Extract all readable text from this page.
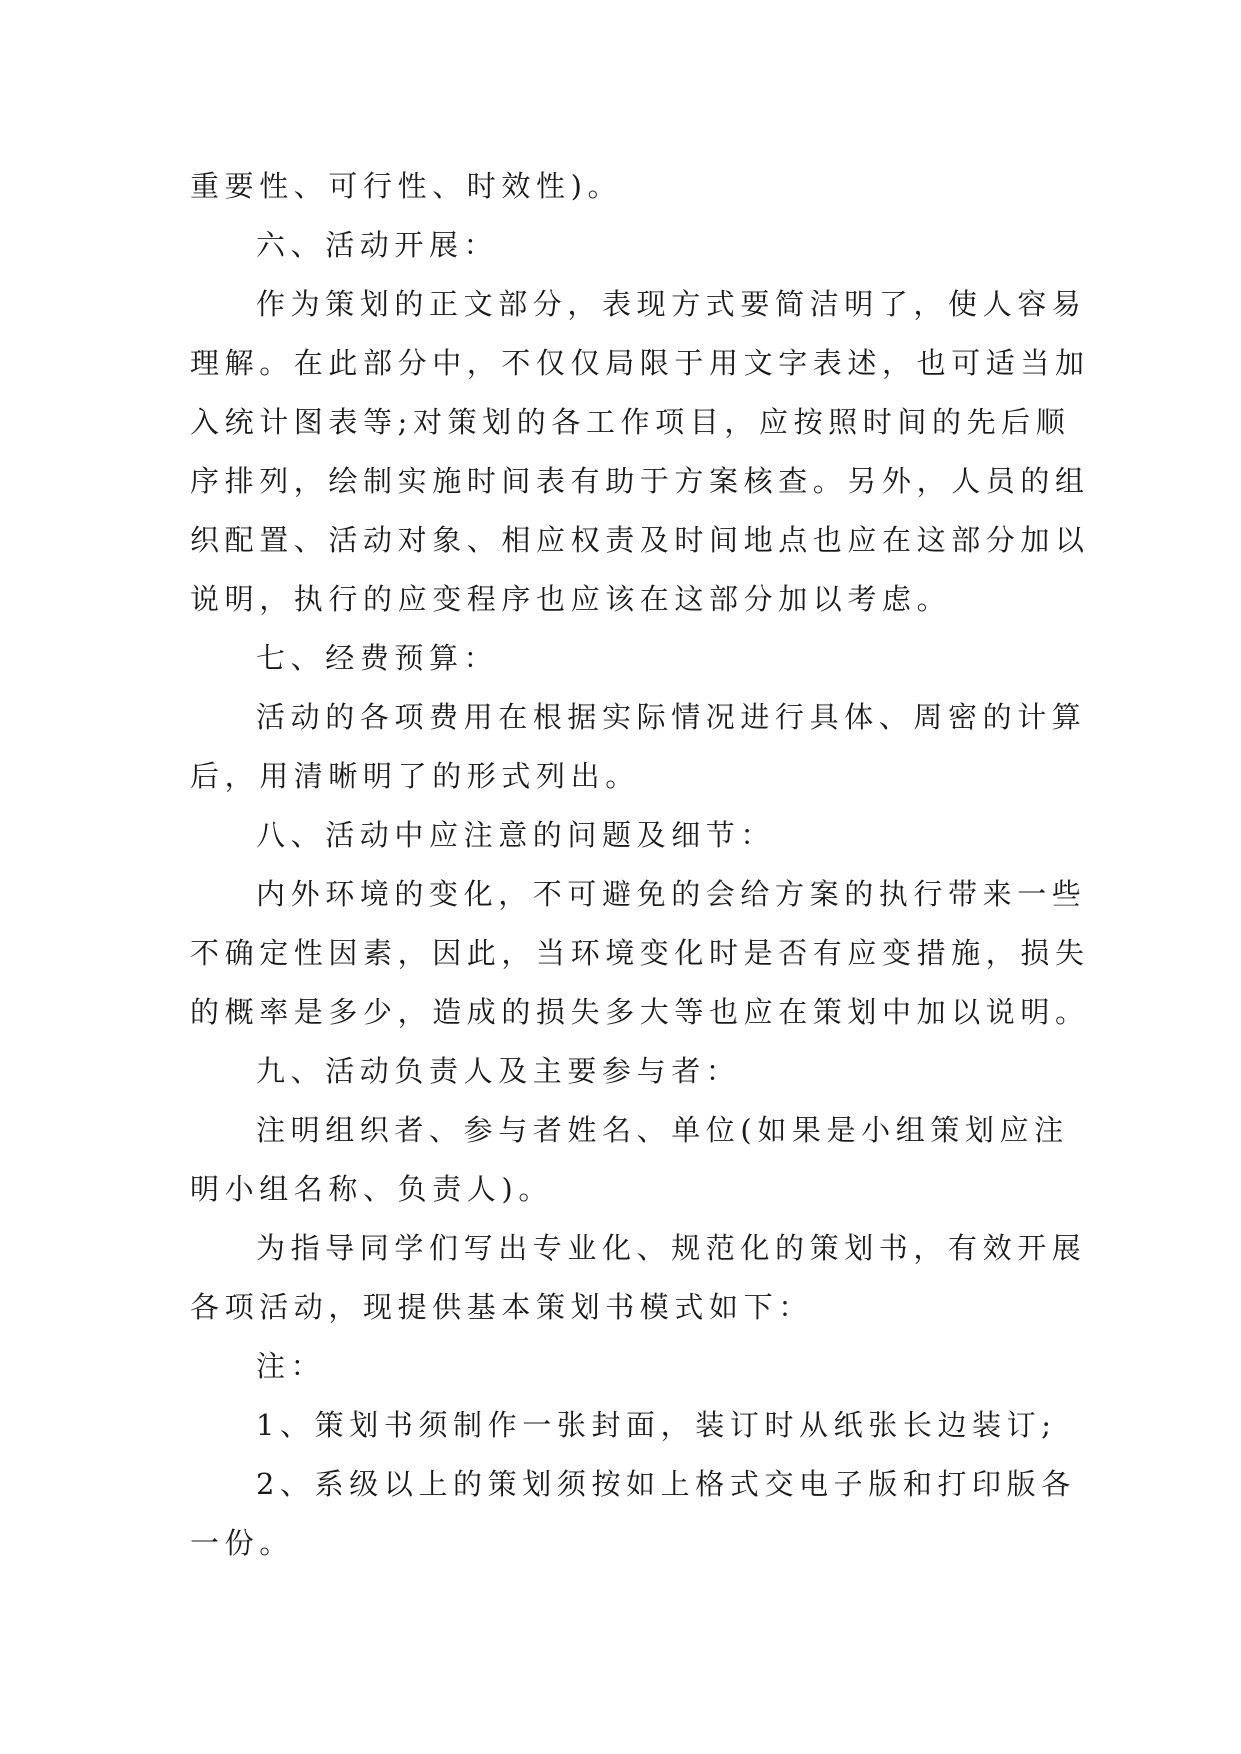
重要性、可行性、时效性)。
六、活动开展：
作为策划的正文部分，表现方式要简洁明了，使人容易
理解。在此部分中，不仅仅局限于用文字表述，也可适当加
入统计图表等;对策划的各工作项目，应按照时间的先后顺
序排列，绘制实施时间表有助于方案核查。另外，人员的组
织配置、活动对象、相应权责及时间地点也应在这部分加以
说明，执行的应变程序也应该在这部分加以考虑。
七、经费预算：
活动的各项费用在根据实际情况进行具体、周密的计算
后，用清晰明了的形式列出。
八、活动中应注意的问题及细节：
内外环境的变化，不可避免的会给方案的执行带来一些
不确定性因素，因此，当环境变化时是否有应变措施，损失
的概率是多少，造成的损失多大等也应在策划中加以说明。
九、活动负责人及主要参与者：
注明组织者、参与者姓名、单位(如果是小组策划应注
明小组名称、负责人)。
为指导同学们写出专业化、规范化的策划书，有效开展
各项活动，现提供基本策划书模式如下：
注：
1、策划书须制作一张封面，装订时从纸张长边装订;
2、系级以上的策划须按如上格式交电子版和打印版各
一份。
